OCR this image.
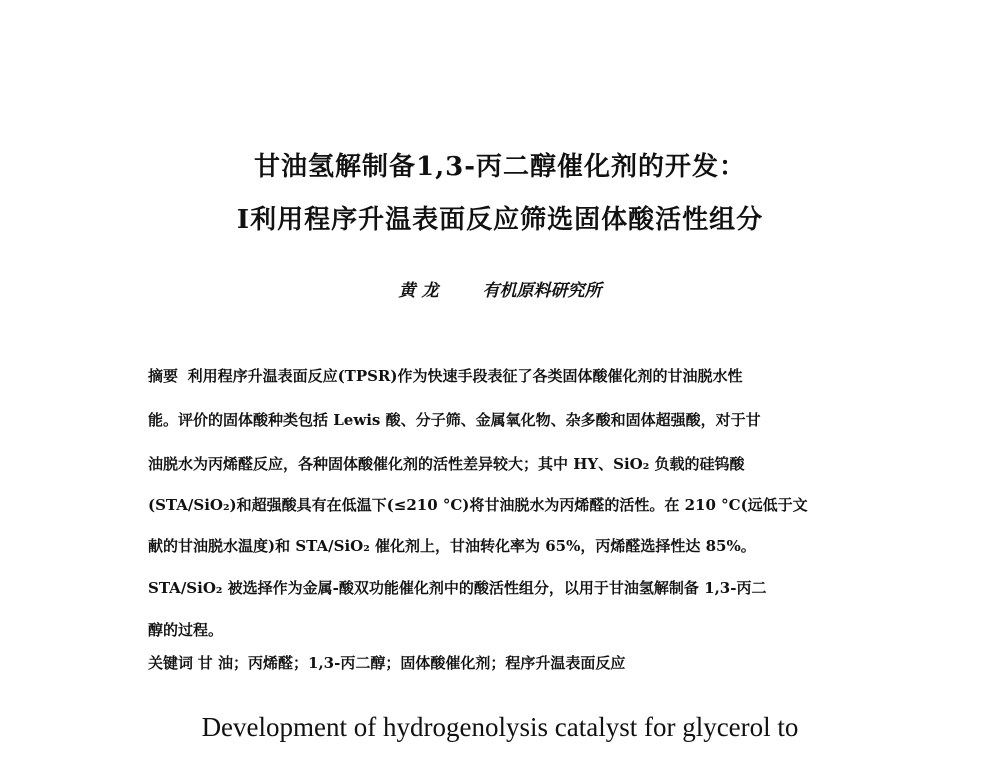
甘油氢解制备1,3-丙二醇催化剂的开发：
Ⅰ利用程序升温表面反应筛选固体酸活性组分
黄 龙	有机原料研究所
摘要 利用程序升温表面反应(TPSR)作为快速手段表征了各类固体酸催化剂的甘油脱水性
能。评价的固体酸种类包括 Lewis 酸、分子筛、金属氧化物、杂多酸和固体超强酸，对于甘
油脱水为丙烯醛反应，各种固体酸催化剂的活性差异较大；其中 HY、SiO₂ 负载的硅钨酸
(STA/SiO₂)和超强酸具有在低温下(≤210 °C)将甘油脱水为丙烯醛的活性。在 210 °C(远低于文
献的甘油脱水温度)和 STA/SiO₂ 催化剂上，甘油转化率为 65%，丙烯醛选择性达 85%。
STA/SiO₂ 被选择作为金属-酸双功能催化剂中的酸活性组分，以用于甘油氢解制备 1,3-丙二
醇的过程。
关键词 甘 油；丙烯醛；1,3-丙二醇；固体酸催化剂；程序升温表面反应
Development of hydrogenolysis catalyst for glycerol to
